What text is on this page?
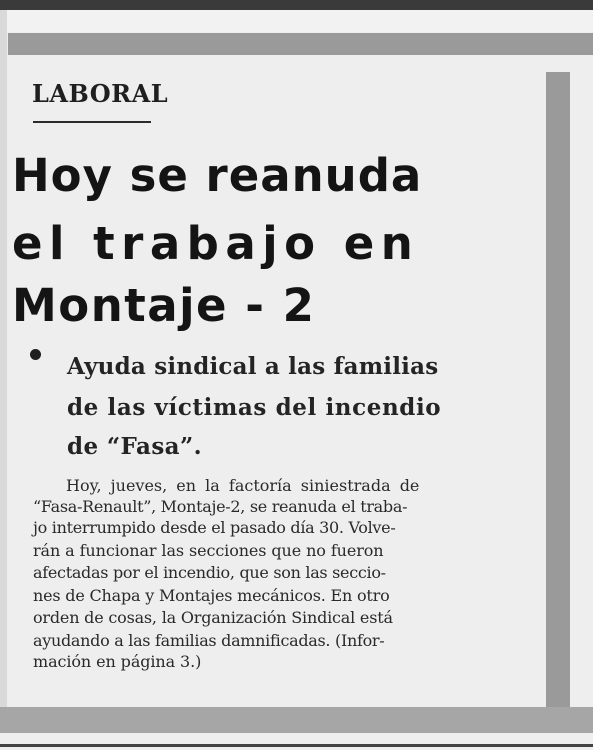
LABORAL
Hoy se reanuda
el trabajo en
Montaje - 2
Ayuda sindical a las familias
de las víctimas del incendio
de “Fasa”.
Hoy, jueves, en la factoría siniestrada de
“Fasa-Renault”, Montaje-2, se reanuda el traba-
jo interrumpido desde el pasado día 30. Volve-
rán a funcionar las secciones que no fueron
afectadas por el incendio, que son las seccio-
nes de Chapa y Montajes mecánicos. En otro
orden de cosas, la Organización Sindical está
ayudando a las familias damnificadas. (Infor-
mación en página 3.)
